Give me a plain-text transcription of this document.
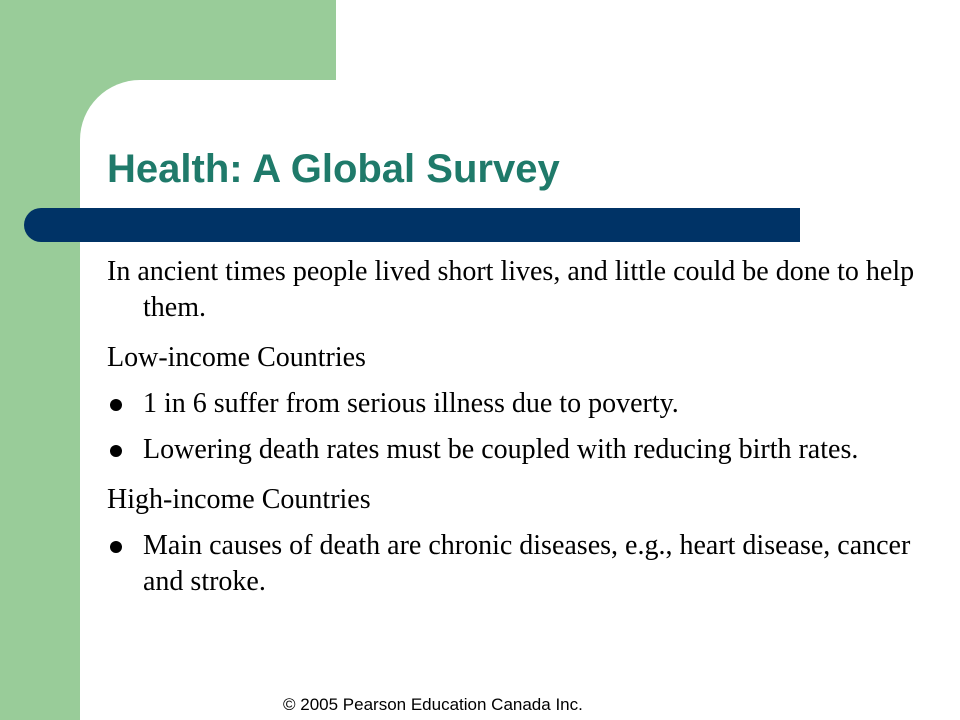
Health: A Global Survey
In ancient times people lived short lives, and little could be done to help them.
Low-income Countries
1 in 6 suffer from serious illness due to poverty.
Lowering death rates must be coupled with reducing birth rates.
High-income Countries
Main causes of death are chronic diseases, e.g., heart disease, cancer and stroke.

© 2005 Pearson Education Canada Inc.
